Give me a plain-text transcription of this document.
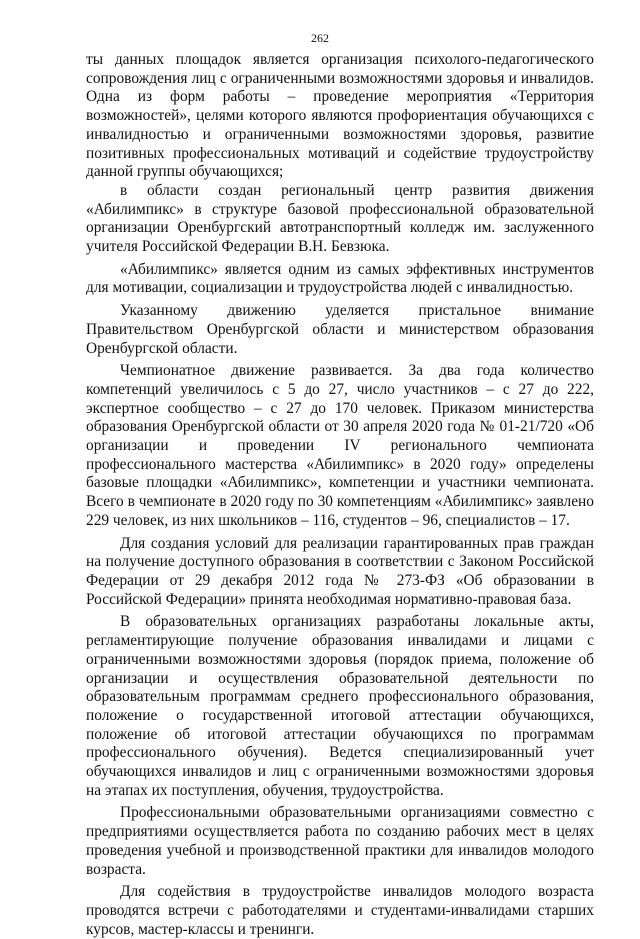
262

ты данных площадок является организация психолого-педагогического сопровождения лиц с ограниченными возможностями здоровья и инвалидов. Одна из форм работы – проведение мероприятия «Территория возможностей», целями которого являются профориентация обучающихся с инвалидностью и ограниченными возможностями здоровья, развитие позитивных профессиональных мотиваций и содействие трудоустройству данной группы обучающихся;

в области создан региональный центр развития движения «Абилимпикс» в структуре базовой профессиональной образовательной организации Оренбургский автотранспортный колледж им. заслуженного учителя Российской Федерации В.Н. Бевзюка.

«Абилимпикс» является одним из самых эффективных инструментов для мотивации, социализации и трудоустройства людей с инвалидностью.

Указанному движению уделяется пристальное внимание Правительством Оренбургской области и министерством образования Оренбургской области.

Чемпионатное движение развивается. За два года количество компетенций увеличилось с 5 до 27, число участников – с 27 до 222, экспертное сообщество – с 27 до 170 человек. Приказом министерства образования Оренбургской области от 30 апреля 2020 года № 01-21/720 «Об организации и проведении IV регионального чемпионата профессионального мастерства «Абилимпикс» в 2020 году» определены базовые площадки «Абилимпикс», компетенции и участники чемпионата. Всего в чемпионате в 2020 году по 30 компетенциям «Абилимпикс» заявлено 229 человек, из них школьников – 116, студентов – 96, специалистов – 17.

Для создания условий для реализации гарантированных прав граждан на получение доступного образования в соответствии с Законом Российской Федерации от 29 декабря 2012 года № 273-ФЗ «Об образовании в Российской Федерации» принята необходимая нормативно-правовая база.

В образовательных организациях разработаны локальные акты, регламентирующие получение образования инвалидами и лицами с ограниченными возможностями здоровья (порядок приема, положение об организации и осуществления образовательной деятельности по образовательным программам среднего профессионального образования, положение о государственной итоговой аттестации обучающихся, положение об итоговой аттестации обучающихся по программам профессионального обучения). Ведется специализированный учет обучающихся инвалидов и лиц с ограниченными возможностями здоровья на этапах их поступления, обучения, трудоустройства.

Профессиональными образовательными организациями совместно с предприятиями осуществляется работа по созданию рабочих мест в целях проведения учебной и производственной практики для инвалидов молодого возраста.

Для содействия в трудоустройстве инвалидов молодого возраста проводятся встречи с работодателями и студентами-инвалидами старших курсов, мастер-классы и тренинги.
